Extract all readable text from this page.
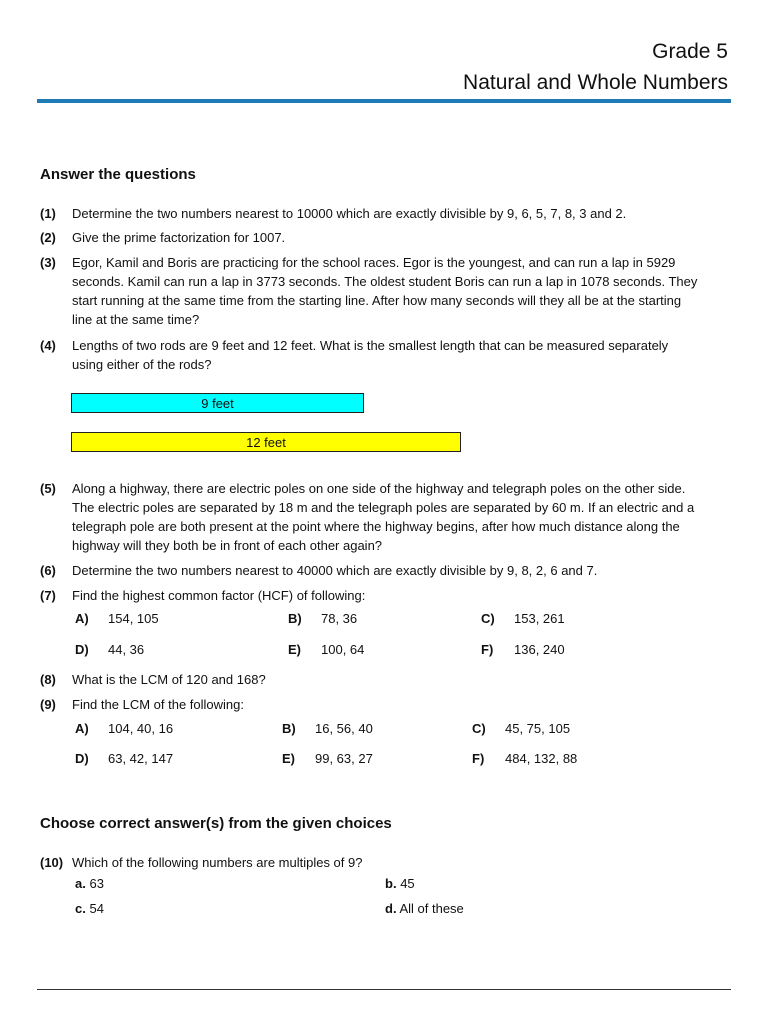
Grade 5
Natural and Whole Numbers
Answer the questions
(1) Determine the two numbers nearest to 10000 which are exactly divisible by 9, 6, 5, 7, 8, 3 and 2.
(2) Give the prime factorization for 1007.
(3) Egor, Kamil and Boris are practicing for the school races. Egor is the youngest, and can run a lap in 5929 seconds. Kamil can run a lap in 3773 seconds. The oldest student Boris can run a lap in 1078 seconds. They start running at the same time from the starting line. After how many seconds will they all be at the starting line at the same time?
(4) Lengths of two rods are 9 feet and 12 feet. What is the smallest length that can be measured separately using either of the rods?
9 feet
12 feet
(5) Along a highway, there are electric poles on one side of the highway and telegraph poles on the other side. The electric poles are separated by 18 m and the telegraph poles are separated by 60 m. If an electric and a telegraph pole are both present at the point where the highway begins, after how much distance along the highway will they both be in front of each other again?
(6) Determine the two numbers nearest to 40000 which are exactly divisible by 9, 8, 2, 6 and 7.
(7) Find the highest common factor (HCF) of following:
A) 154, 105	B) 78, 36	C) 153, 261
D) 44, 36	E) 100, 64	F) 136, 240
(8) What is the LCM of 120 and 168?
(9) Find the LCM of the following:
A) 104, 40, 16	B) 16, 56, 40	C) 45, 75, 105
D) 63, 42, 147	E) 99, 63, 27	F) 484, 132, 88
Choose correct answer(s) from the given choices
(10) Which of the following numbers are multiples of 9?
a. 63	b. 45
c. 54	d. All of these
